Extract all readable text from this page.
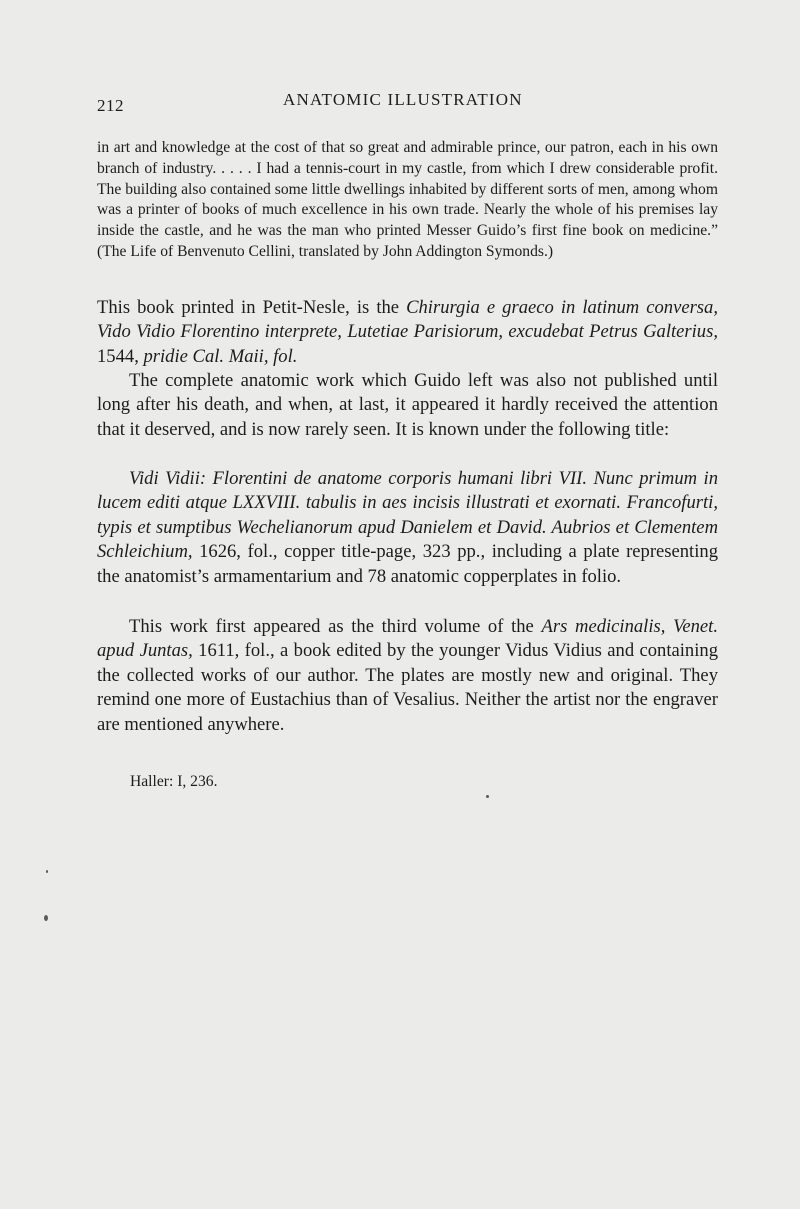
212	ANATOMIC ILLUSTRATION

in art and knowledge at the cost of that so great and admirable prince, our patron, each in his own branch of industry. . . . . I had a tennis-court in my castle, from which I drew considerable profit. The building also contained some little dwellings inhabited by different sorts of men, among whom was a printer of books of much excellence in his own trade. Nearly the whole of his premises lay inside the castle, and he was the man who printed Messer Guido’s first fine book on medicine.” (The Life of Benvenuto Cellini, translated by John Addington Symonds.)

This book printed in Petit-Nesle, is the Chirurgia e graeco in latinum conversa, Vido Vidio Florentino interprete, Lutetiae Parisiorum, excudebat Petrus Galterius, 1544, pridie Cal. Maii, fol.

The complete anatomic work which Guido left was also not published until long after his death, and when, at last, it appeared it hardly received the attention that it deserved, and is now rarely seen. It is known under the following title:

Vidi Vidii: Florentini de anatome corporis humani libri VII. Nunc primum in lucem editi atque LXXVIII. tabulis in aes incisis illustrati et exornati. Francofurti, typis et sumptibus Wechelianorum apud Danielem et David. Aubrios et Clementem Schleichium, 1626, fol., copper title-page, 323 pp., including a plate representing the anatomist’s armamentarium and 78 anatomic copperplates in folio.

This work first appeared as the third volume of the Ars medicinalis, Venet. apud Juntas, 1611, fol., a book edited by the younger Vidus Vidius and containing the collected works of our author. The plates are mostly new and original. They remind one more of Eustachius than of Vesalius. Neither the artist nor the engraver are mentioned anywhere.

Haller: I, 236.
